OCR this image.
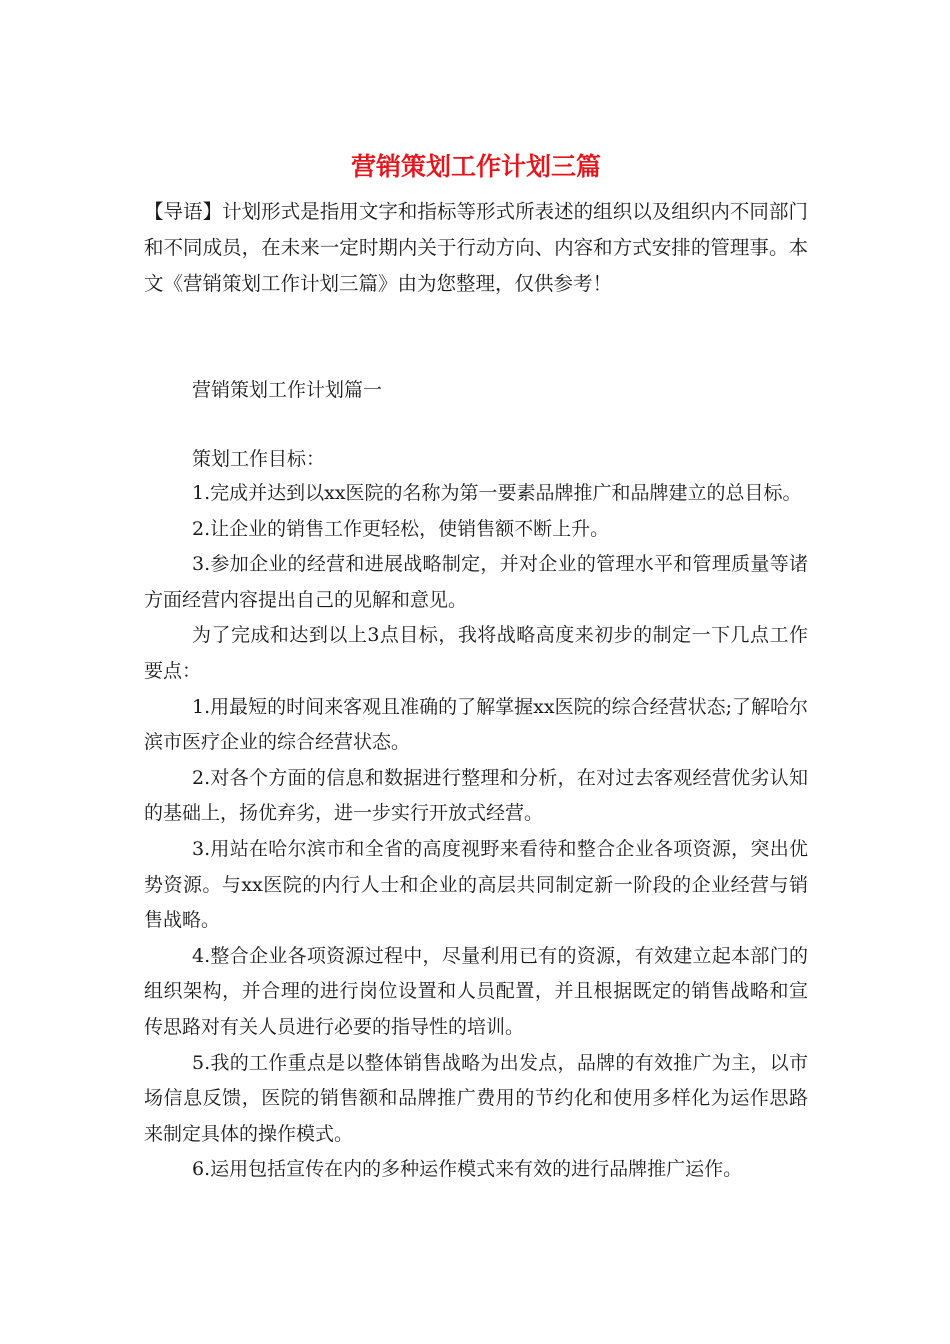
营销策划工作计划三篇

【导语】计划形式是指用文字和指标等形式所表述的组织以及组织内不同部门和不同成员，在未来一定时期内关于行动方向、内容和方式安排的管理事。本文《营销策划工作计划三篇》由为您整理，仅供参考！

营销策划工作计划篇一

策划工作目标：

1.完成并达到以xx医院的名称为第一要素品牌推广和品牌建立的总目标。

2.让企业的销售工作更轻松，使销售额不断上升。

3.参加企业的经营和进展战略制定，并对企业的管理水平和管理质量等诸方面经营内容提出自己的见解和意见。

为了完成和达到以上3点目标，我将战略高度来初步的制定一下几点工作要点：

1.用最短的时间来客观且准确的了解掌握xx医院的综合经营状态;了解哈尔滨市医疗企业的综合经营状态。

2.对各个方面的信息和数据进行整理和分析，在对过去客观经营优劣认知的基础上，扬优弃劣，进一步实行开放式经营。

3.用站在哈尔滨市和全省的高度视野来看待和整合企业各项资源，突出优势资源。与xx医院的内行人士和企业的高层共同制定新一阶段的企业经营与销售战略。

4.整合企业各项资源过程中，尽量利用已有的资源，有效建立起本部门的组织架构，并合理的进行岗位设置和人员配置，并且根据既定的销售战略和宣传思路对有关人员进行必要的指导性的培训。

5.我的工作重点是以整体销售战略为出发点，品牌的有效推广为主，以市场信息反馈，医院的销售额和品牌推广费用的节约化和使用多样化为运作思路来制定具体的操作模式。

6.运用包括宣传在内的多种运作模式来有效的进行品牌推广运作。
